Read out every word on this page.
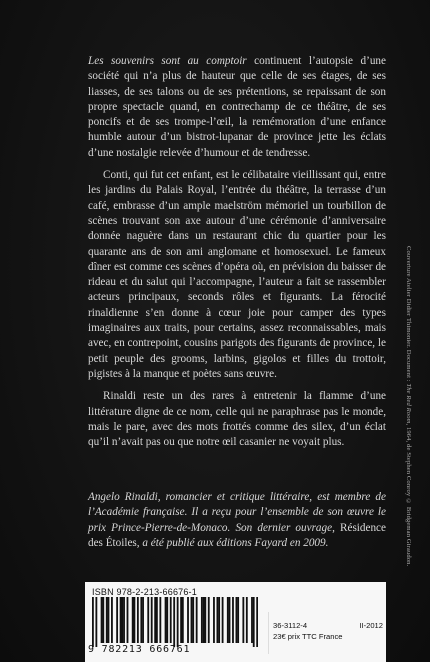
Les souvenirs sont au comptoir continuent l’autopsie d’une société qui n’a plus de hauteur que celle de ses étages, de ses liasses, de ses talons ou de ses prétentions, se repaissant de son propre spectacle quand, en contrechamp de ce théâtre, de ses poncifs et de ses trompe-l’œil, la remémoration d’une enfance humble autour d’un bistrot-lupanar de province jette les éclats d’une nostalgie relevée d’humour et de tendresse.

Conti, qui fut cet enfant, est le célibataire vieillissant qui, entre les jardins du Palais Royal, l’entrée du théâtre, la terrasse d’un café, embrasse d’un ample maelström mémoriel un tourbillon de scènes trouvant son axe autour d’une cérémonie d’anniversaire donnée naguère dans un restaurant chic du quartier pour les quarante ans de son ami anglomane et homosexuel. Le fameux dîner est comme ces scènes d’opéra où, en prévision du baisser de rideau et du salut qui l’accompagne, l’auteur a fait se rassembler acteurs principaux, seconds rôles et figurants. La férocité rinaldienne s’en donne à cœur joie pour camper des types imaginaires aux traits, pour certains, assez reconnaissables, mais avec, en contrepoint, cousins parigots des figurants de province, le petit peuple des grooms, larbins, gigolos et filles du trottoir, pigistes à la manque et poètes sans œuvre.

Rinaldi reste un des rares à entretenir la flamme d’une littérature digne de ce nom, celle qui ne paraphrase pas le monde, mais le pare, avec des mots frottés comme des silex, d’un éclat qu’il n’avait pas ou que notre œil casanier ne voyait plus.

Angelo Rinaldi, romancier et critique littéraire, est membre de l’Académie française. Il a reçu pour l’ensemble de son œuvre le prix Prince-Pierre-de-Monaco. Son dernier ouvrage, Résidence des Étoiles, a été publié aux éditions Fayard en 2009.
Couverture Atelier Didier Thimonier. Document : The Red Room, 1964, de Stephen Conroy © Bridgeman Giraudon.
ISBN 978-2-213-66676-1
9 782213 666761
36-3112-4	II-2012
23€ prix TTC France
